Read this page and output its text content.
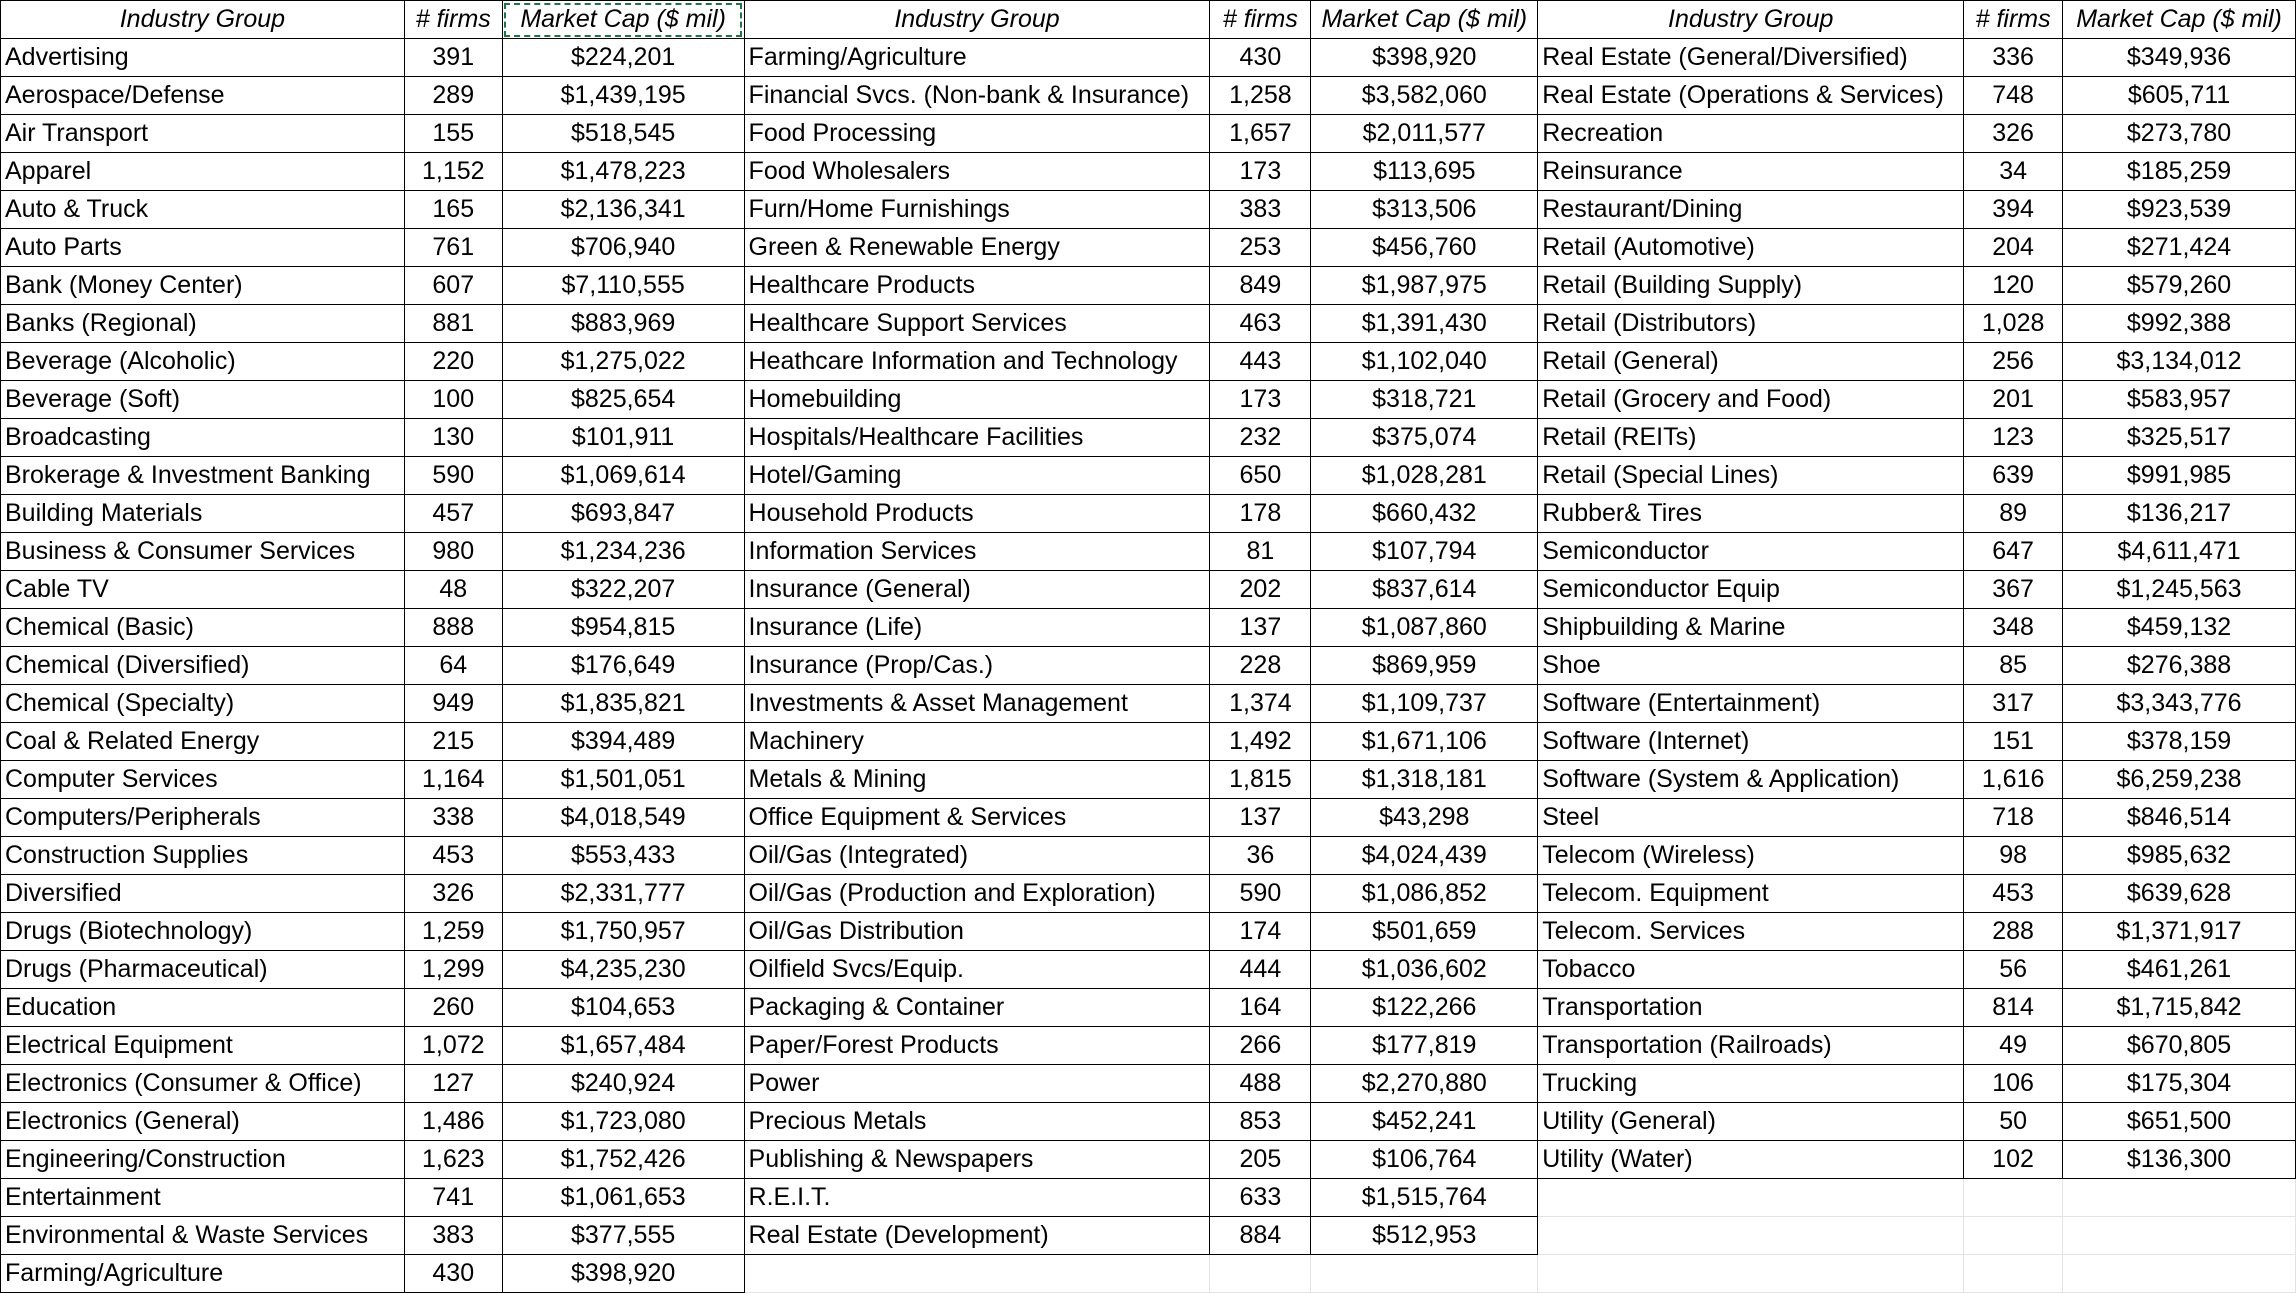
Industry Group	# firms	Market Cap ($ mil)	Industry Group	# firms	Market Cap ($ mil)	Industry Group	# firms	Market Cap ($ mil)
Advertising	391	$224,201	Farming/Agriculture	430	$398,920	Real Estate (General/Diversified)	336	$349,936
Aerospace/Defense	289	$1,439,195	Financial Svcs. (Non-bank & Insurance)	1,258	$3,582,060	Real Estate (Operations & Services)	748	$605,711
Air Transport	155	$518,545	Food Processing	1,657	$2,011,577	Recreation	326	$273,780
Apparel	1,152	$1,478,223	Food Wholesalers	173	$113,695	Reinsurance	34	$185,259
Auto & Truck	165	$2,136,341	Furn/Home Furnishings	383	$313,506	Restaurant/Dining	394	$923,539
Auto Parts	761	$706,940	Green & Renewable Energy	253	$456,760	Retail (Automotive)	204	$271,424
Bank (Money Center)	607	$7,110,555	Healthcare Products	849	$1,987,975	Retail (Building Supply)	120	$579,260
Banks (Regional)	881	$883,969	Healthcare Support Services	463	$1,391,430	Retail (Distributors)	1,028	$992,388
Beverage (Alcoholic)	220	$1,275,022	Heathcare Information and Technology	443	$1,102,040	Retail (General)	256	$3,134,012
Beverage (Soft)	100	$825,654	Homebuilding	173	$318,721	Retail (Grocery and Food)	201	$583,957
Broadcasting	130	$101,911	Hospitals/Healthcare Facilities	232	$375,074	Retail (REITs)	123	$325,517
Brokerage & Investment Banking	590	$1,069,614	Hotel/Gaming	650	$1,028,281	Retail (Special Lines)	639	$991,985
Building Materials	457	$693,847	Household Products	178	$660,432	Rubber& Tires	89	$136,217
Business & Consumer Services	980	$1,234,236	Information Services	81	$107,794	Semiconductor	647	$4,611,471
Cable TV	48	$322,207	Insurance (General)	202	$837,614	Semiconductor Equip	367	$1,245,563
Chemical (Basic)	888	$954,815	Insurance (Life)	137	$1,087,860	Shipbuilding & Marine	348	$459,132
Chemical (Diversified)	64	$176,649	Insurance (Prop/Cas.)	228	$869,959	Shoe	85	$276,388
Chemical (Specialty)	949	$1,835,821	Investments & Asset Management	1,374	$1,109,737	Software (Entertainment)	317	$3,343,776
Coal & Related Energy	215	$394,489	Machinery	1,492	$1,671,106	Software (Internet)	151	$378,159
Computer Services	1,164	$1,501,051	Metals & Mining	1,815	$1,318,181	Software (System & Application)	1,616	$6,259,238
Computers/Peripherals	338	$4,018,549	Office Equipment & Services	137	$43,298	Steel	718	$846,514
Construction Supplies	453	$553,433	Oil/Gas (Integrated)	36	$4,024,439	Telecom (Wireless)	98	$985,632
Diversified	326	$2,331,777	Oil/Gas (Production and Exploration)	590	$1,086,852	Telecom. Equipment	453	$639,628
Drugs (Biotechnology)	1,259	$1,750,957	Oil/Gas Distribution	174	$501,659	Telecom. Services	288	$1,371,917
Drugs (Pharmaceutical)	1,299	$4,235,230	Oilfield Svcs/Equip.	444	$1,036,602	Tobacco	56	$461,261
Education	260	$104,653	Packaging & Container	164	$122,266	Transportation	814	$1,715,842
Electrical Equipment	1,072	$1,657,484	Paper/Forest Products	266	$177,819	Transportation (Railroads)	49	$670,805
Electronics (Consumer & Office)	127	$240,924	Power	488	$2,270,880	Trucking	106	$175,304
Electronics (General)	1,486	$1,723,080	Precious Metals	853	$452,241	Utility (General)	50	$651,500
Engineering/Construction	1,623	$1,752,426	Publishing & Newspapers	205	$106,764	Utility (Water)	102	$136,300
Entertainment	741	$1,061,653	R.E.I.T.	633	$1,515,764			
Environmental & Waste Services	383	$377,555	Real Estate (Development)	884	$512,953			
Farming/Agriculture	430	$398,920						
